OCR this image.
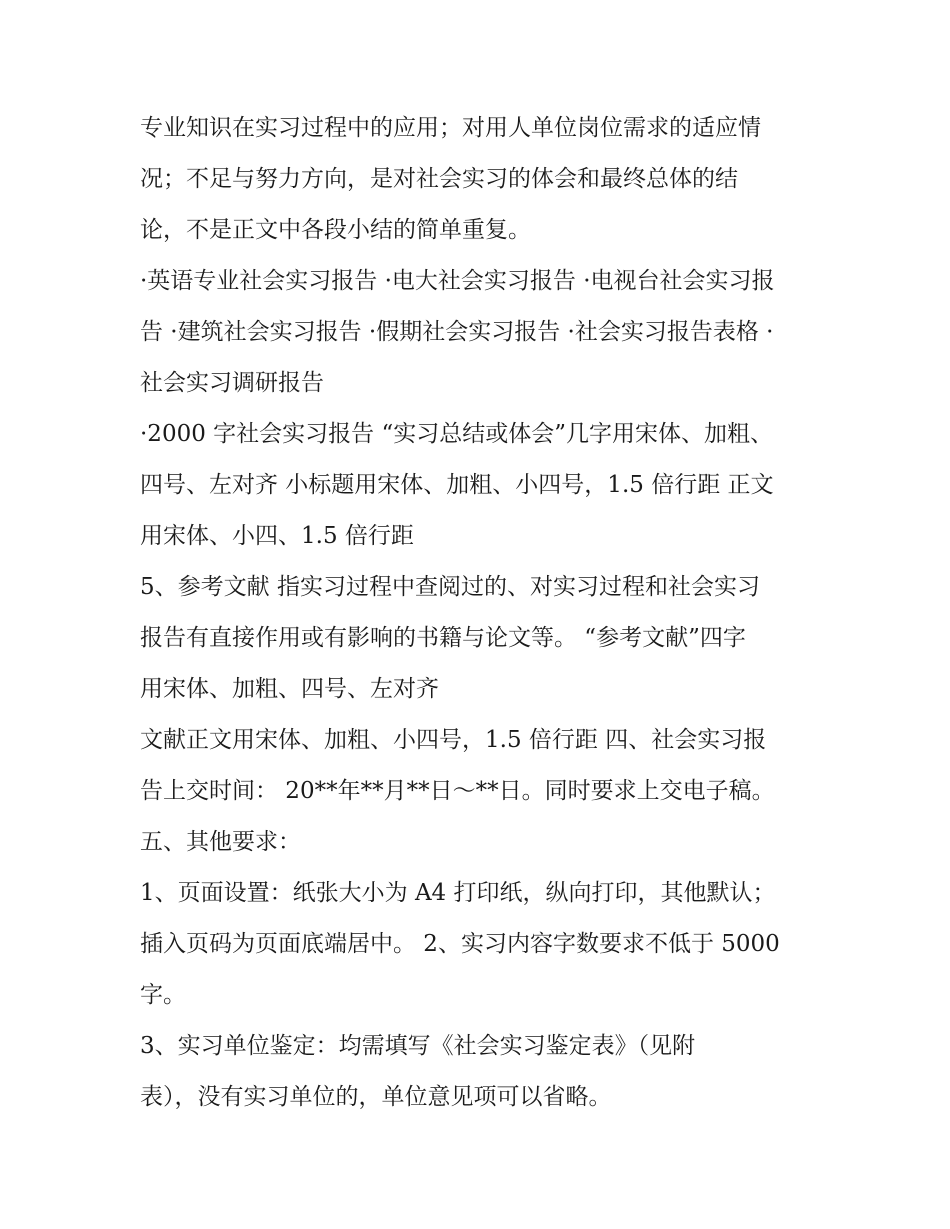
专业知识在实习过程中的应用；对用人单位岗位需求的适应情
况；不足与努力方向，是对社会实习的体会和最终总体的结
论，不是正文中各段小结的简单重复。
·英语专业社会实习报告 ·电大社会实习报告 ·电视台社会实习报
告 ·建筑社会实习报告 ·假期社会实习报告 ·社会实习报告表格 ·
社会实习调研报告
·2000 字社会实习报告 “实习总结或体会”几字用宋体、加粗、
四号、左对齐 小标题用宋体、加粗、小四号，1.5 倍行距 正文
用宋体、小四、1.5 倍行距
5、参考文献 指实习过程中查阅过的、对实习过程和社会实习
报告有直接作用或有影响的书籍与论文等。 “参考文献”四字
用宋体、加粗、四号、左对齐
文献正文用宋体、加粗、小四号，1.5 倍行距 四、社会实习报
告上交时间： 20**年**月**日～**日。同时要求上交电子稿。
五、其他要求：
1、页面设置：纸张大小为 A4 打印纸，纵向打印，其他默认；
插入页码为页面底端居中。 2、实习内容字数要求不低于 5000
字。
3、实习单位鉴定：均需填写《社会实习鉴定表》（见附
表），没有实习单位的，单位意见项可以省略。
